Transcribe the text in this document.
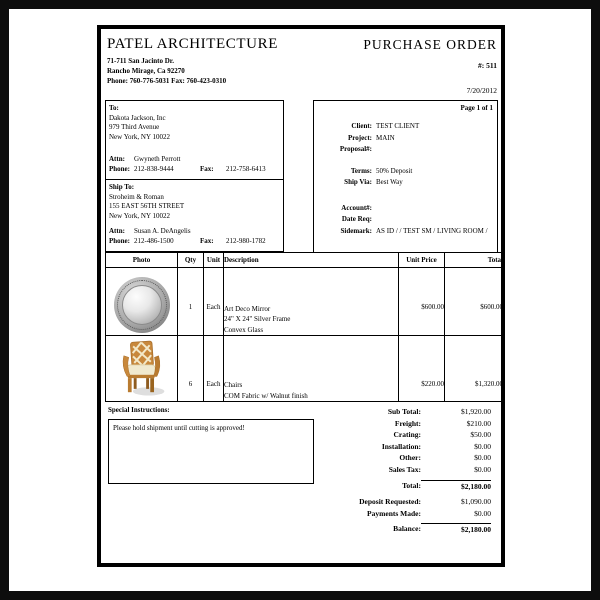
PATEL ARCHITECTURE	PURCHASE ORDER
71-711 San Jacinto Dr.
Rancho Mirage, Ca 92270
Phone: 760-776-5031 Fax: 760-423-0310
#: 511
7/20/2012
To:
Dakota Jackson, Inc
979 Third Avenue
New York, NY 10022
Attn:	Gwyneth Perrott
Phone: 212-838-9444	Fax:	212-758-6413
Ship To:
Stroheim & Roman
155 EAST 56TH STREET
New York, NY 10022
Attn:	Susan A. DeAngelis
Phone: 212-486-1500	Fax:	212-980-1782
Page 1 of 1
Client: TEST CLIENT
Project: MAIN
Proposal#:
Terms: 50% Deposit
Ship Via: Best Way
Account#:
Date Req:
Sidemark: AS ID / / TEST SM / LIVING ROOM /
Photo	Qty	Unit	Description	Unit Price	Total

	1	Each	Art Deco Mirror
24" X 24" Silver Frame
Convex Glass	$600.00	$600.00
	6	Each	Chairs
COM Fabric w/ Walnut finish	$220.00	$1,320.00
Special Instructions:
Please hold shipment until cutting is approved!
Sub Total:	$1,920.00
Freight:	$210.00
Crating:	$50.00
Installation:	$0.00
Other:	$0.00
Sales Tax:	$0.00
Total:	$2,180.00
Deposit Requested:	$1,090.00
Payments Made:	$0.00
Balance:	$2,180.00
